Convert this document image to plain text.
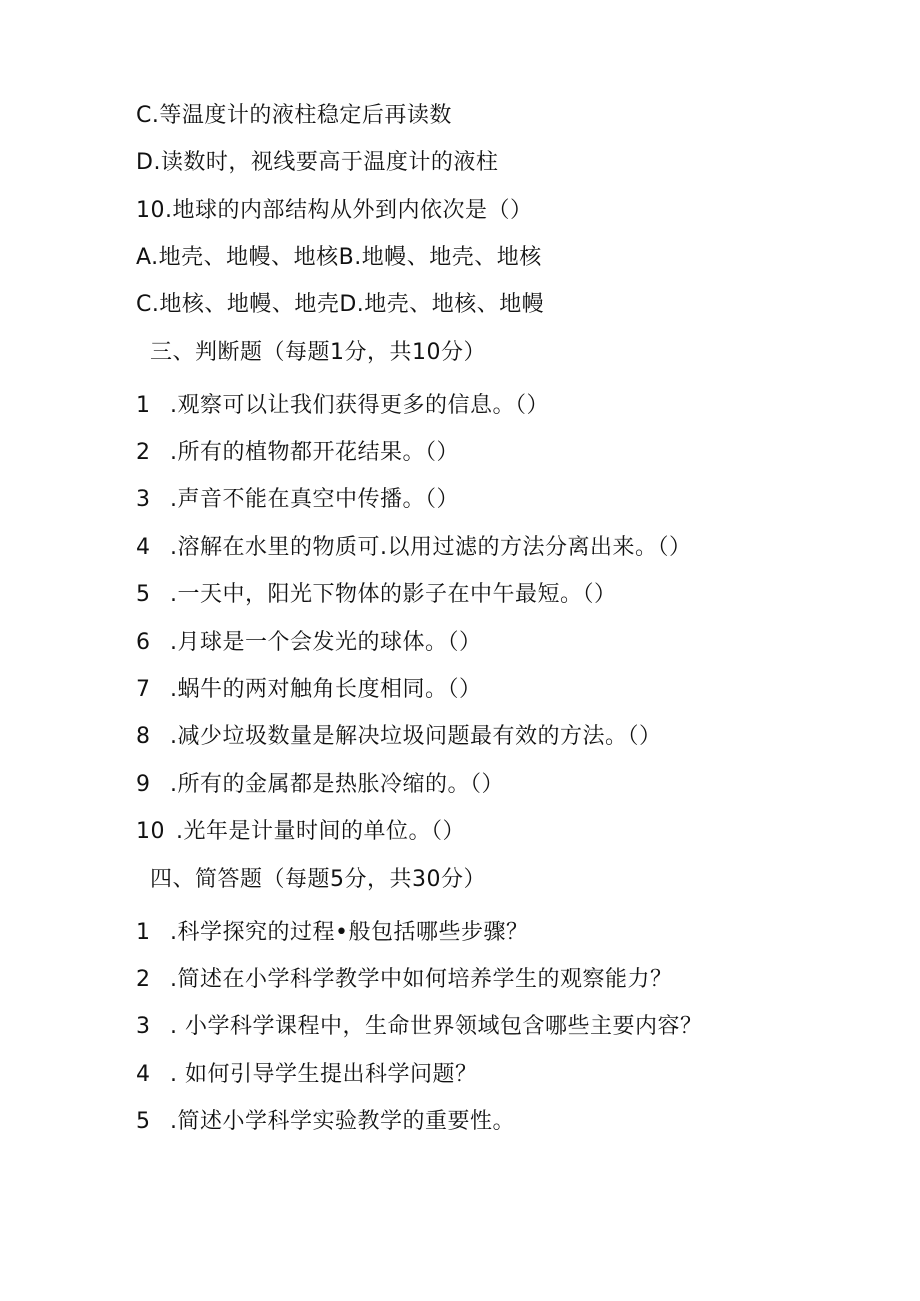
C.等温度计的液柱稳定后再读数
D.读数时，视线要高于温度计的液柱
10.地球的内部结构从外到内依次是（）
A.地壳、地幔、地核B.地幔、地壳、地核
C.地核、地幔、地壳D.地壳、地核、地幔
三、判断题（每题1分，共10分）
1 .观察可以让我们获得更多的信息。（）
2 .所有的植物都开花结果。（）
3 .声音不能在真空中传播。（）
4 .溶解在水里的物质可.以用过滤的方法分离出来。（）
5 .一天中，阳光下物体的影子在中午最短。（）
6 .月球是一个会发光的球体。（）
7 .蜗牛的两对触角长度相同。（）
8 .减少垃圾数量是解决垃圾问题最有效的方法。（）
9 .所有的金属都是热胀冷缩的。（）
10 .光年是计量时间的单位。（）
四、简答题（每题5分，共30分）
1 .科学探究的过程•般包括哪些步骤？
2 .简述在小学科学教学中如何培养学生的观察能力？
3 . 小学科学课程中，生命世界领域包含哪些主要内容？
4 . 如何引导学生提出科学问题？
5 .简述小学科学实验教学的重要性。
